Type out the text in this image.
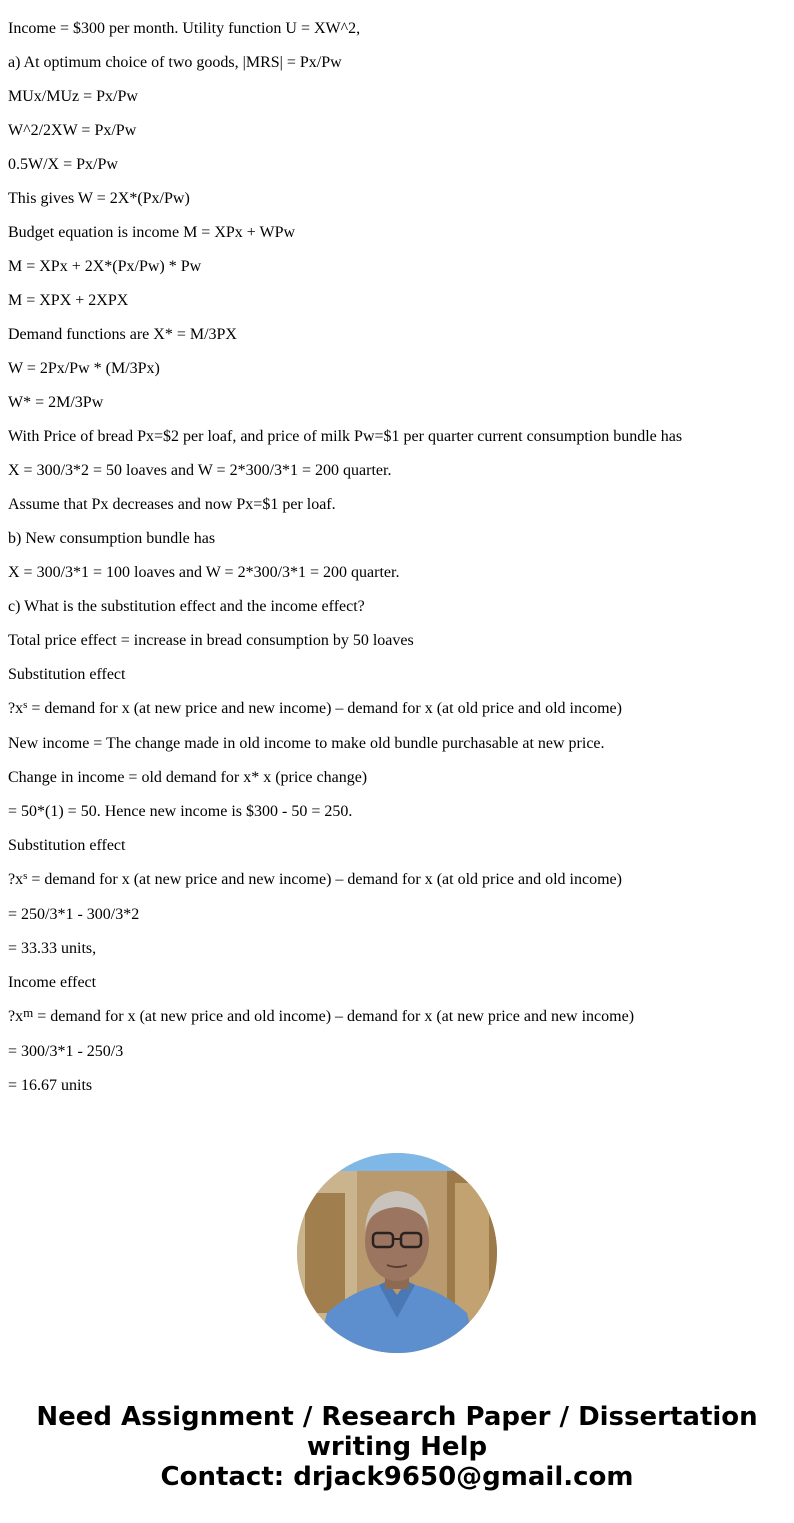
Income = $300 per month. Utility function U = XW^2,

a) At optimum choice of two goods, |MRS| = Px/Pw

MUx/MUz = Px/Pw

W^2/2XW = Px/Pw

0.5W/X = Px/Pw

This gives W = 2X*(Px/Pw)

Budget equation is income M = XPx + WPw

M = XPx + 2X*(Px/Pw) * Pw

M = XPX + 2XPX

Demand functions are X* = M/3PX

W = 2Px/Pw * (M/3Px)

W* = 2M/3Pw

With Price of bread Px=$2 per loaf, and price of milk Pw=$1 per quarter current consumption bundle has

X = 300/3*2 = 50 loaves and W = 2*300/3*1 = 200 quarter.

Assume that Px decreases and now Px=$1 per loaf.

b) New consumption bundle has

X = 300/3*1 = 100 loaves and W = 2*300/3*1 = 200 quarter.

c) What is the substitution effect and the income effect?

Total price effect = increase in bread consumption by 50 loaves

Substitution effect

$?x^s$ = demand for x (at new price and new income) – demand for x (at old price and old income)

New income = The change made in old income to make old bundle purchasable at new price.

Change in income = old demand for x* x (price change)

= 50*(1) = 50. Hence new income is $300 - 50 = 250.

Substitution effect

$?x^s$ = demand for x (at new price and new income) – demand for x (at old price and old income)

= 250/3*1 - 300/3*2

= 33.33 units,

Income effect

$?x^m$ = demand for x (at new price and old income) – demand for x (at new price and new income)

= 300/3*1 - 250/3

= 16.67 units

Need Assignment / Research Paper / Dissertation
writing Help
Contact: drjack9650@gmail.com
